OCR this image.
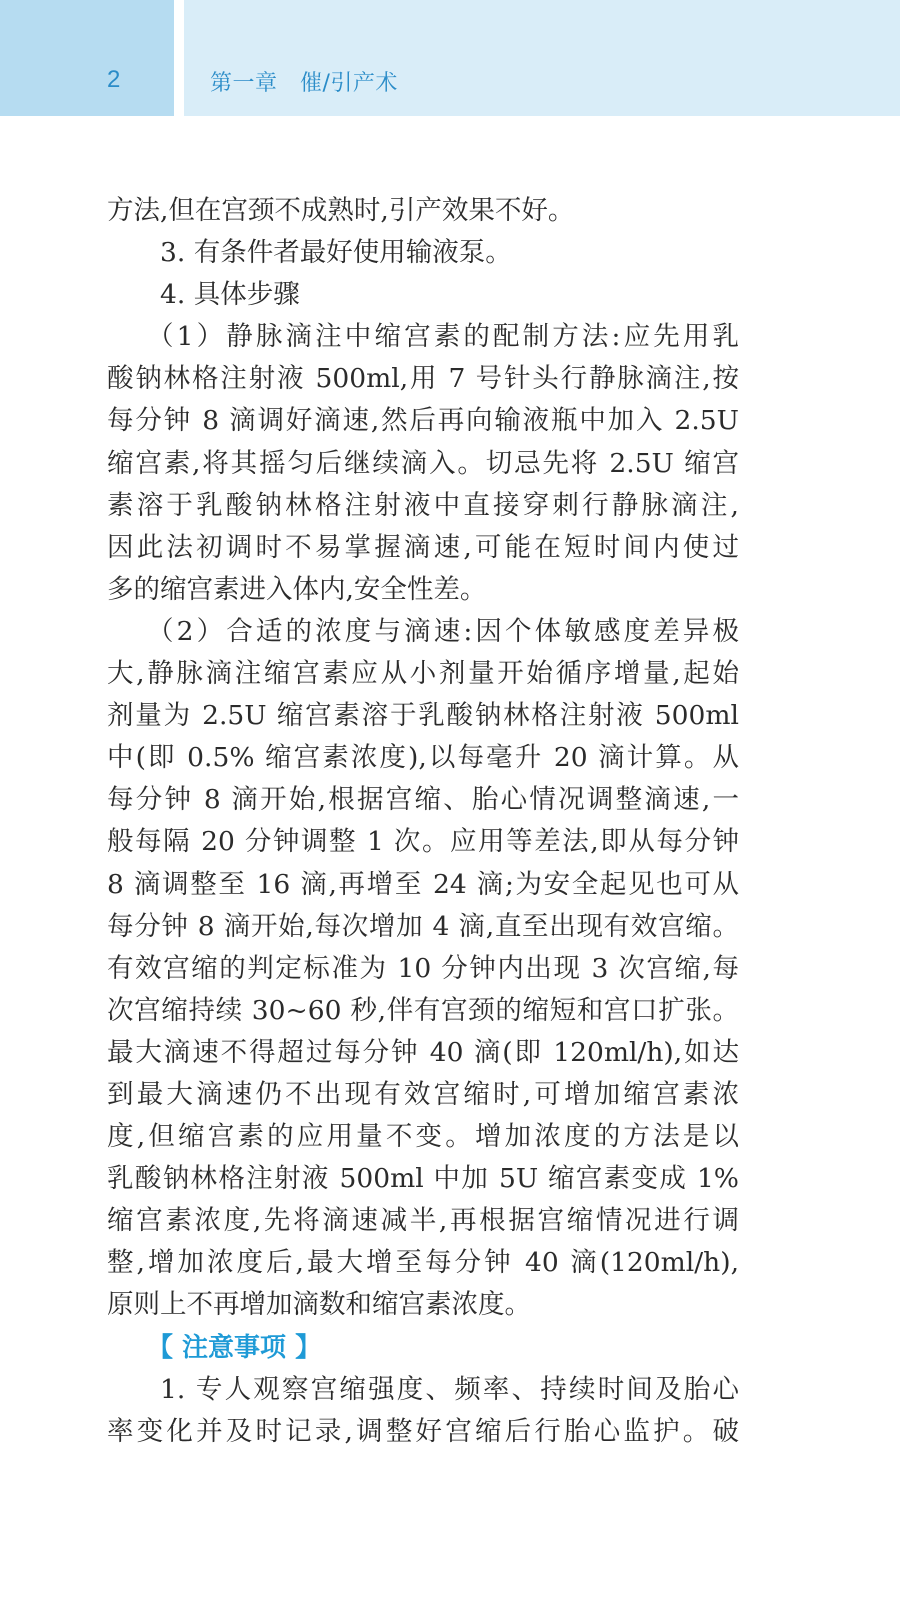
2	第一章　催/引产术
方法,但在宫颈不成熟时,引产效果不好。
3. 有条件者最好使用输液泵。
4. 具体步骤
（1）静脉滴注中缩宫素的配制方法:应先用乳
酸钠林格注射液 500ml,用 7 号针头行静脉滴注,按
每分钟 8 滴调好滴速,然后再向输液瓶中加入 2.5U
缩宫素,将其摇匀后继续滴入。切忌先将 2.5U 缩宫
素溶于乳酸钠林格注射液中直接穿刺行静脉滴注,
因此法初调时不易掌握滴速,可能在短时间内使过
多的缩宫素进入体内,安全性差。
（2）合适的浓度与滴速:因个体敏感度差异极
大,静脉滴注缩宫素应从小剂量开始循序增量,起始
剂量为 2.5U 缩宫素溶于乳酸钠林格注射液 500ml
中(即 0.5% 缩宫素浓度),以每毫升 20 滴计算。从
每分钟 8 滴开始,根据宫缩、胎心情况调整滴速,一
般每隔 20 分钟调整 1 次。应用等差法,即从每分钟
8 滴调整至 16 滴,再增至 24 滴;为安全起见也可从
每分钟 8 滴开始,每次增加 4 滴,直至出现有效宫缩。
有效宫缩的判定标准为 10 分钟内出现 3 次宫缩,每
次宫缩持续 30~60 秒,伴有宫颈的缩短和宫口扩张。
最大滴速不得超过每分钟 40 滴(即 120ml/h),如达
到最大滴速仍不出现有效宫缩时,可增加缩宫素浓
度,但缩宫素的应用量不变。增加浓度的方法是以
乳酸钠林格注射液 500ml 中加 5U 缩宫素变成 1%
缩宫素浓度,先将滴速减半,再根据宫缩情况进行调
整,增加浓度后,最大增至每分钟 40 滴(120ml/h),
原则上不再增加滴数和缩宫素浓度。
【 注意事项 】
1. 专人观察宫缩强度、频率、持续时间及胎心
率变化并及时记录,调整好宫缩后行胎心监护。破
